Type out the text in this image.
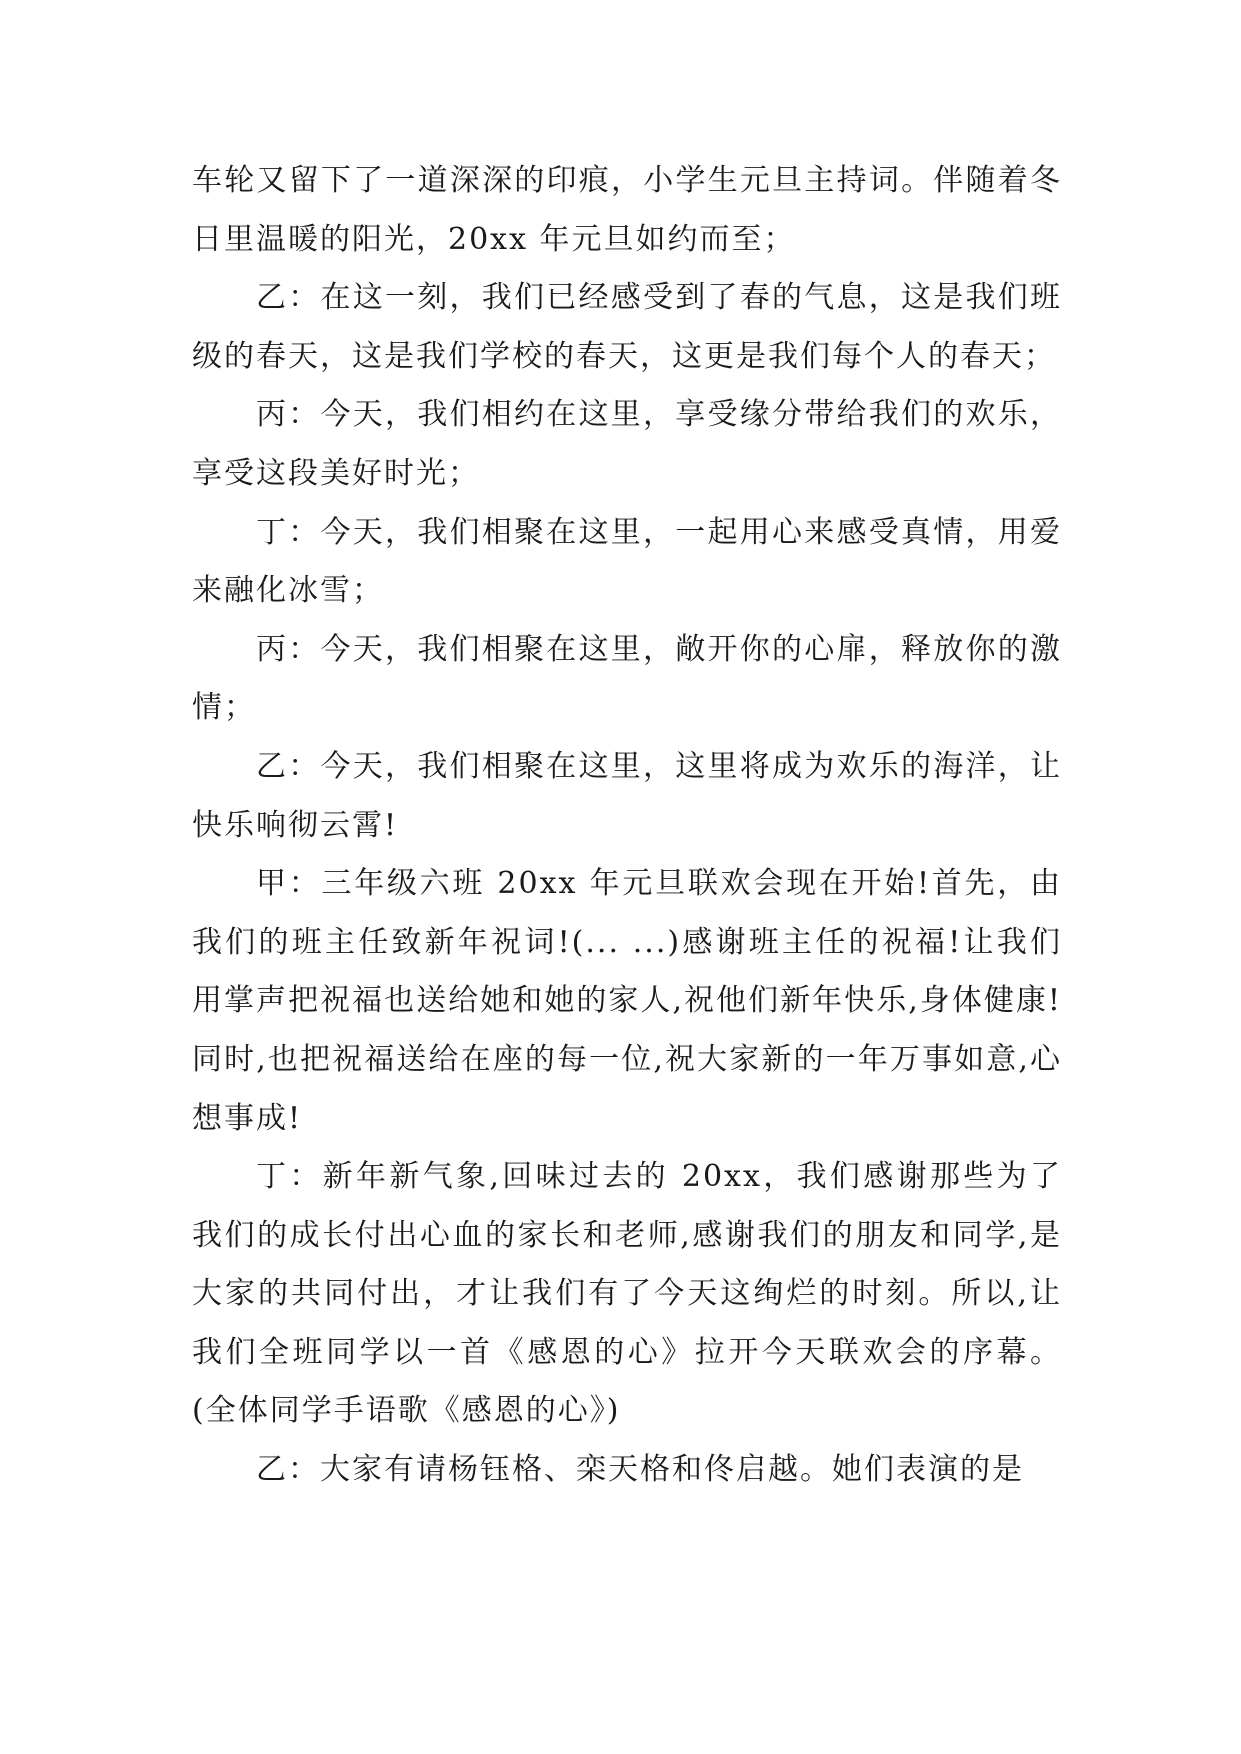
车轮又留下了一道深深的印痕，小学生元旦主持词。伴随着冬日里温暖的阳光，20xx 年元旦如约而至；

乙：在这一刻，我们已经感受到了春的气息，这是我们班级的春天，这是我们学校的春天，这更是我们每个人的春天；

丙：今天，我们相约在这里，享受缘分带给我们的欢乐，享受这段美好时光；

丁：今天，我们相聚在这里，一起用心来感受真情，用爱来融化冰雪；

丙：今天，我们相聚在这里，敞开你的心扉，释放你的激情；

乙：今天，我们相聚在这里，这里将成为欢乐的海洋，让快乐响彻云霄!

甲：三年级六班 20xx 年元旦联欢会现在开始!首先，由我们的班主任致新年祝词!(... ...)感谢班主任的祝福!让我们用掌声把祝福也送给她和她的家人,祝他们新年快乐,身体健康!同时,也把祝福送给在座的每一位,祝大家新的一年万事如意,心想事成!

丁：新年新气象,回味过去的 20xx，我们感谢那些为了我们的成长付出心血的家长和老师,感谢我们的朋友和同学,是大家的共同付出，才让我们有了今天这绚烂的时刻。所以,让我们全班同学以一首《感恩的心》拉开今天联欢会的序幕。(全体同学手语歌《感恩的心》)

乙：大家有请杨钰格、栾天格和佟启越。她们表演的是
